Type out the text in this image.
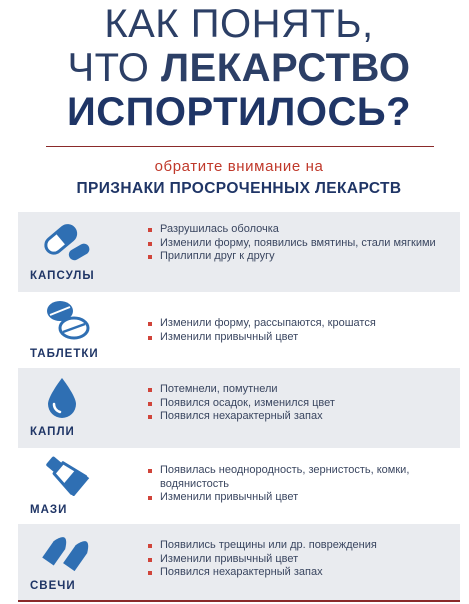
КАК ПОНЯТЬ,
ЧТО ЛЕКАРСТВО
ИСПОРТИЛОСЬ?
обратите внимание на
ПРИЗНАКИ ПРОСРОЧЕННЫХ ЛЕКАРСТВ
КАПСУЛЫ
Разрушилась оболочка
Изменили форму, появились вмятины, стали мягкими
Прилипли друг к другу
ТАБЛЕТКИ
Изменили форму, рассыпаются, крошатся
Изменили привычный цвет
КАПЛИ
Потемнели, помутнели
Появился осадок, изменился цвет
Появился нехарактерный запах
МАЗИ
Появилась неоднородность, зернистость, комки, водянистость
Изменили привычный цвет
СВЕЧИ
Появились трещины или др. повреждения
Изменили привычный цвет
Появился нехарактерный запах
